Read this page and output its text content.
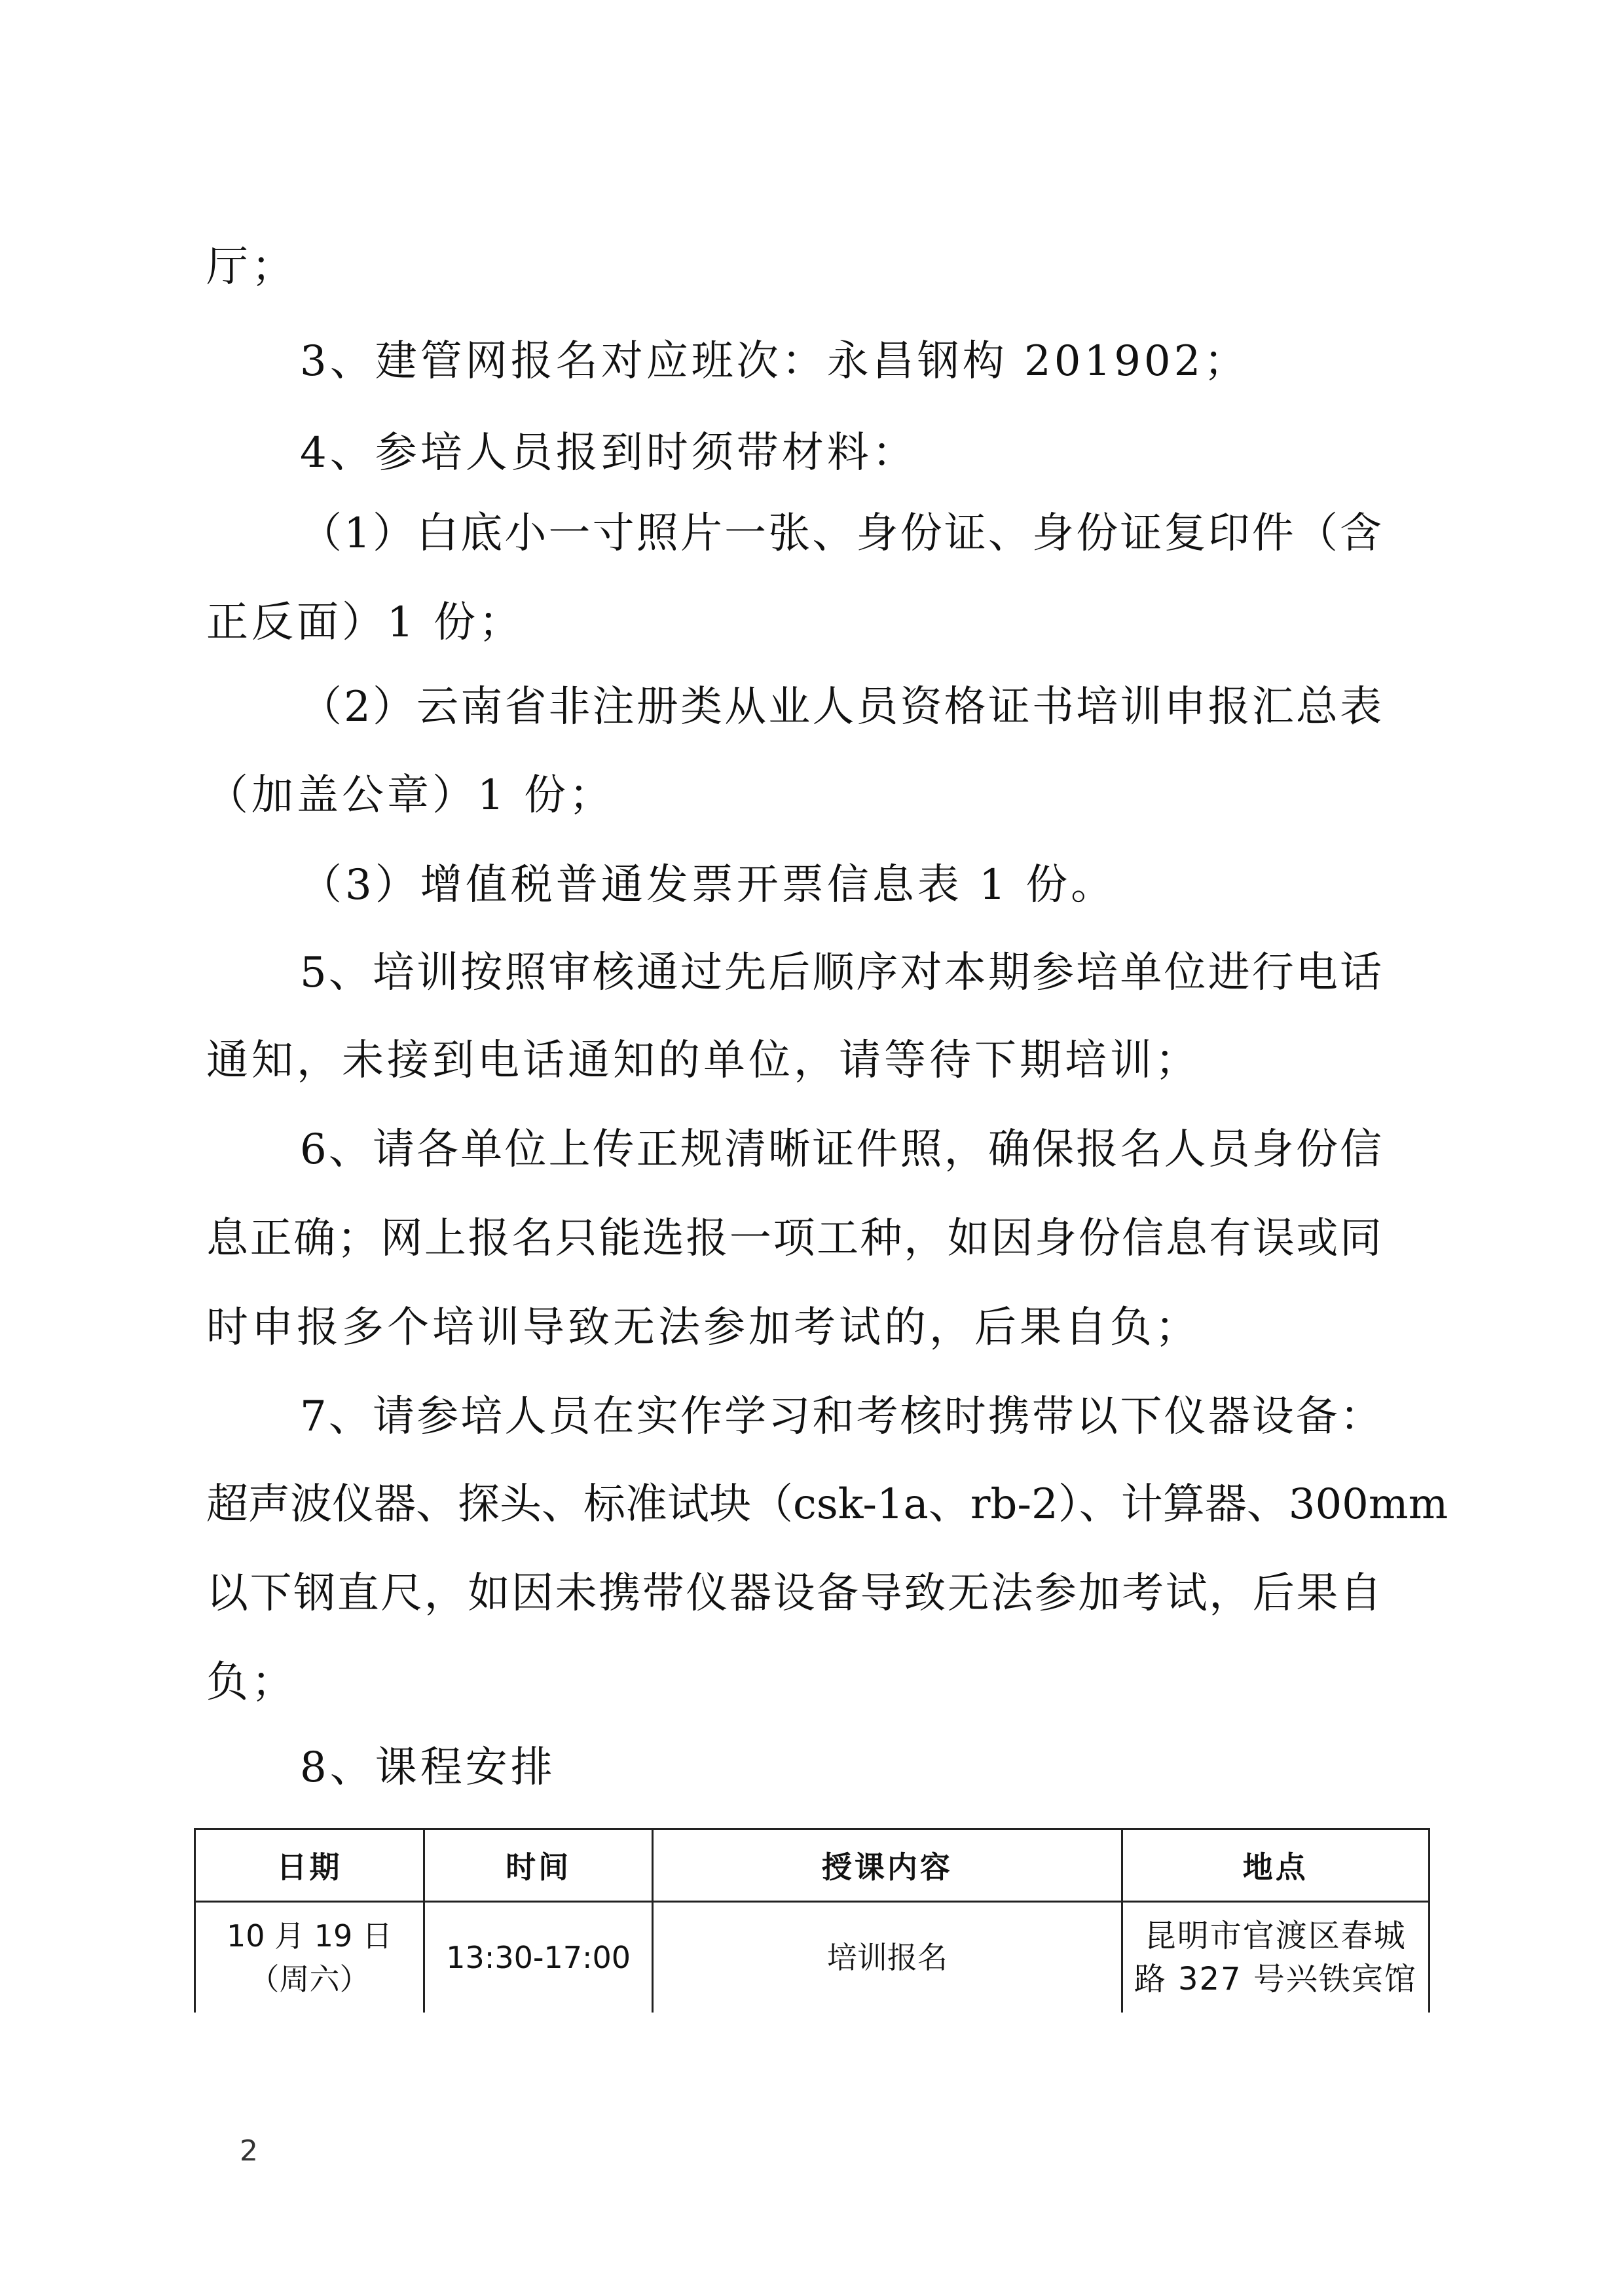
厅；
3、建管网报名对应班次：永昌钢构 201902；
4、参培人员报到时须带材料：
（1）白底小一寸照片一张、身份证、身份证复印件（含
正反面）1 份；
（2）云南省非注册类从业人员资格证书培训申报汇总表
（加盖公章）1 份；
（3）增值税普通发票开票信息表 1 份。
5、培训按照审核通过先后顺序对本期参培单位进行电话
通知，未接到电话通知的单位，请等待下期培训；
6、请各单位上传正规清晰证件照，确保报名人员身份信
息正确；网上报名只能选报一项工种，如因身份信息有误或同
时申报多个培训导致无法参加考试的，后果自负；
7、请参培人员在实作学习和考核时携带以下仪器设备：
超声波仪器、探头、标准试块（csk-1a、rb-2）、计算器、300mm
以下钢直尺，如因未携带仪器设备导致无法参加考试，后果自
负；
8、课程安排
日期	时间	授课内容	地点

10 月 19 日
（周六）	13:30-17:00	培训报名	昆明市官渡区春城
路 327 号兴铁宾馆
2
